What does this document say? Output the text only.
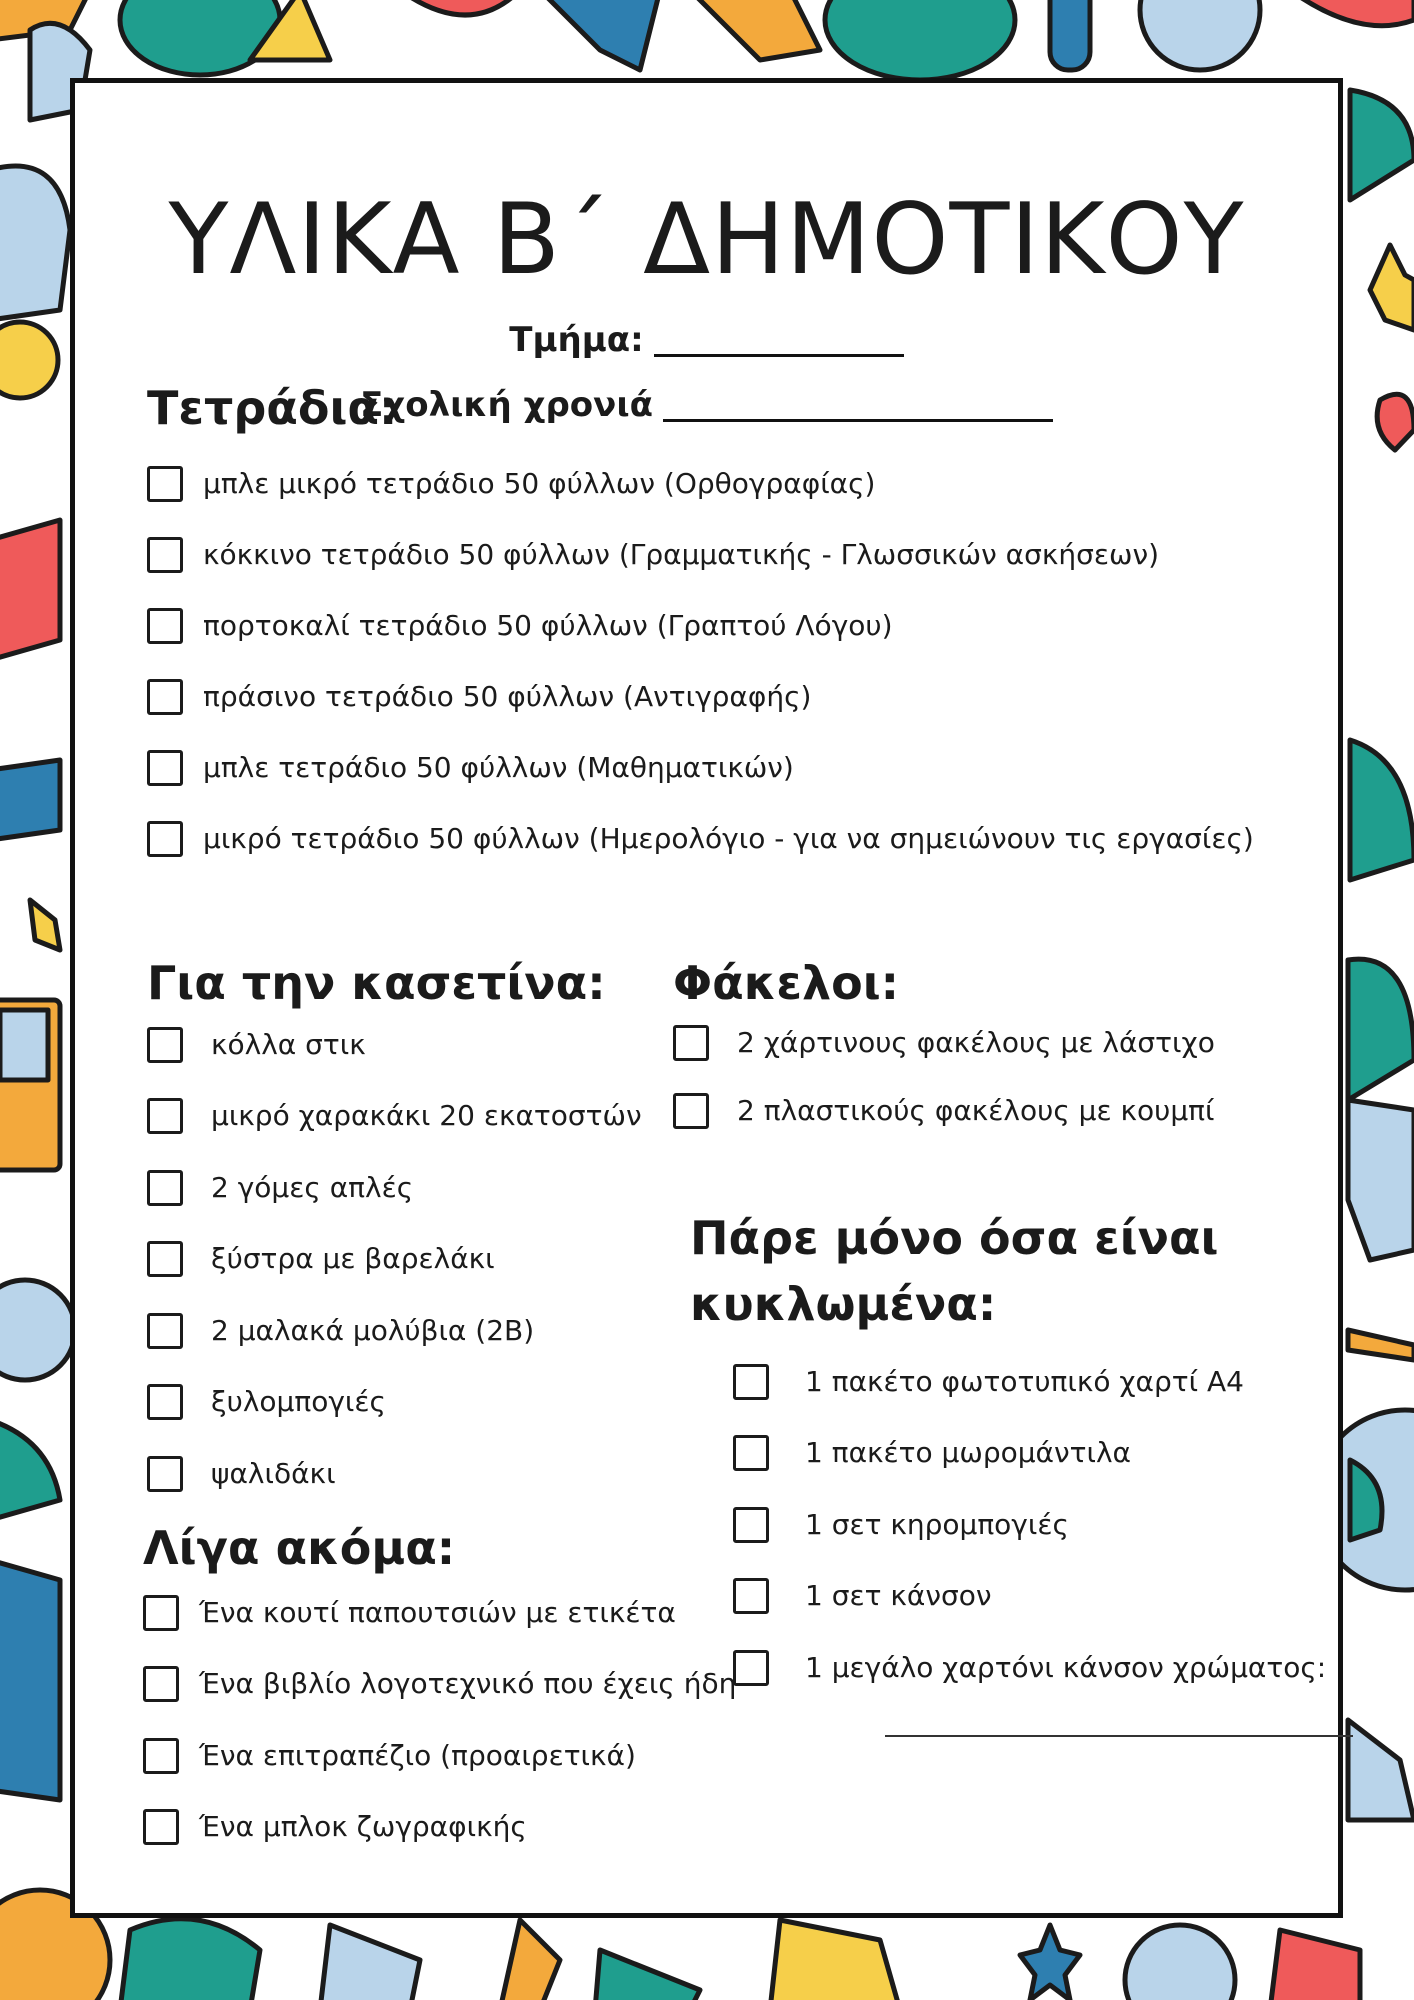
ΥΛΙΚΑ Β΄ ΔΗΜΟΤΙΚΟΥ
Τμήμα:
Σχολική χρονιά
Τετράδια:
μπλε μικρό τετράδιο 50 φύλλων (Ορθογραφίας)
κόκκινο τετράδιο 50 φύλλων (Γραμματικής - Γλωσσικών ασκήσεων)
πορτοκαλί τετράδιο 50 φύλλων (Γραπτού Λόγου)
πράσινο τετράδιο 50 φύλλων (Αντιγραφής)
μπλε τετράδιο 50 φύλλων (Μαθηματικών)
μικρό τετράδιο 50 φύλλων (Ημερολόγιο - για να σημειώνουν τις εργασίες)
Για την κασετίνα:
κόλλα στικ
μικρό χαρακάκι 20 εκατοστών
2 γόμες απλές
ξύστρα με βαρελάκι
2 μαλακά μολύβια (2Β)
ξυλομπογιές
ψαλιδάκι
Φάκελοι:
2 χάρτινους φακέλους με λάστιχο
2 πλαστικούς φακέλους με κουμπί
Πάρε μόνο όσα είναι
κυκλωμένα:
1 πακέτο φωτοτυπικό χαρτί Α4
1 πακέτο μωρομάντιλα
1 σετ κηρομπογιές
1 σετ κάνσον
1 μεγάλο χαρτόνι κάνσον χρώματος:
Λίγα ακόμα:
Ένα κουτί παπουτσιών με ετικέτα
Ένα βιβλίο λογοτεχνικό που έχεις ήδη
Ένα επιτραπέζιο (προαιρετικά)
Ένα μπλοκ ζωγραφικής
